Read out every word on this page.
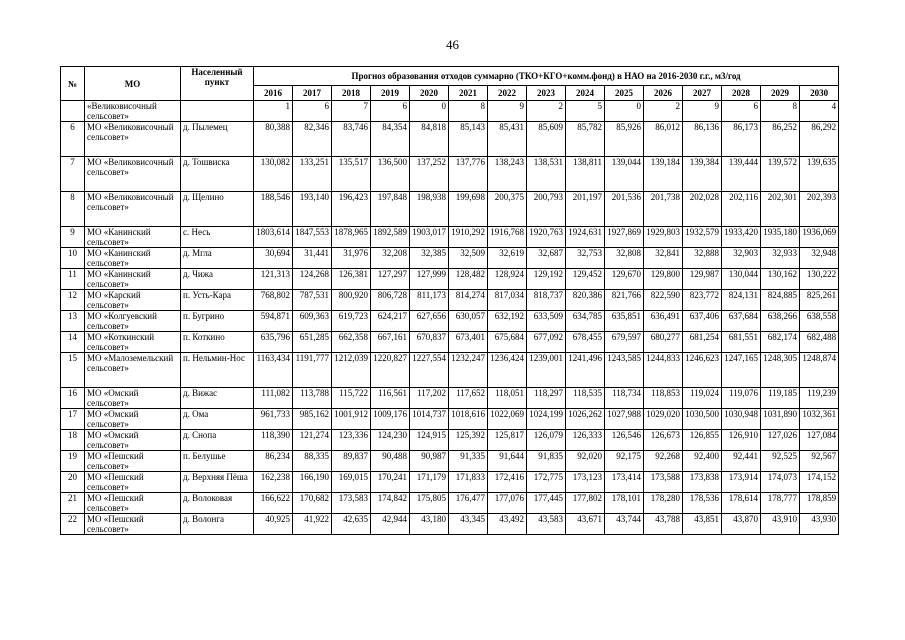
46
№	МО	Населенный пункт	Прогноз образования отходов суммарно (ТКО+КГО+комм.фонд) в НАО на 2016-2030 г.г., м3/год														
			2016	2017	2018	2019	2020	2021	2022	2023	2024	2025	2026	2027	2028	2029	2030
	«Великовисочный сельсовет»		1	6	7	6	0	8	9	2	5	0	2	9	6	8	4
6	МО «Великовисочный сельсовет»	д. Пылемец	80,388	82,346	83,746	84,354	84,818	85,143	85,431	85,609	85,782	85,926	86,012	86,136	86,173	86,252	86,292
7	МО «Великовисочный сельсовет»	д. Тошвиска	130,082	133,251	135,517	136,500	137,252	137,776	138,243	138,531	138,811	139,044	139,184	139,384	139,444	139,572	139,635
8	МО «Великовисочный сельсовет»	д. Щелино	188,546	193,140	196,423	197,848	198,938	199,698	200,375	200,793	201,197	201,536	201,738	202,028	202,116	202,301	202,393
9	МО «Канинский сельсовет»	с. Несь	1803,614	1847,553	1878,965	1892,589	1903,017	1910,292	1916,768	1920,763	1924,631	1927,869	1929,803	1932,579	1933,420	1935,180	1936,069
10	МО «Канинский сельсовет»	д. Мгла	30,694	31,441	31,976	32,208	32,385	32,509	32,619	32,687	32,753	32,808	32,841	32,888	32,903	32,933	32,948
11	МО «Канинский сельсовет»	д. Чижа	121,313	124,268	126,381	127,297	127,999	128,482	128,924	129,192	129,452	129,670	129,800	129,987	130,044	130,162	130,222
12	МО «Карский сельсовет»	п. Усть-Кара	768,802	787,531	800,920	806,728	811,173	814,274	817,034	818,737	820,386	821,766	822,590	823,772	824,131	824,885	825,261
13	МО «Колгуевский сельсовет»	п. Бугрино	594,871	609,363	619,723	624,217	627,656	630,057	632,192	633,509	634,785	635,851	636,491	637,406	637,684	638,266	638,558
14	МО «Коткинский сельсовет»	п. Коткино	635,796	651,285	662,358	667,161	670,837	673,401	675,684	677,092	678,455	679,597	680,277	681,254	681,551	682,174	682,488
15	МО «Малоземельский сельсовет»	п. Нельмин-Нос	1163,434	1191,777	1212,039	1220,827	1227,554	1232,247	1236,424	1239,001	1241,496	1243,585	1244,833	1246,623	1247,165	1248,305	1248,874
16	МО «Омский сельсовет»	д. Вижас	111,082	113,788	115,722	116,561	117,202	117,652	118,051	118,297	118,535	118,734	118,853	119,024	119,076	119,185	119,239
17	МО «Омский сельсовет»	д. Ома	961,733	985,162	1001,912	1009,176	1014,737	1018,616	1022,069	1024,199	1026,262	1027,988	1029,020	1030,500	1030,948	1031,890	1032,361
18	МО «Омский сельсовет»	д. Снопа	118,390	121,274	123,336	124,230	124,915	125,392	125,817	126,079	126,333	126,546	126,673	126,855	126,910	127,026	127,084
19	МО «Пешский сельсовет»	п. Белушье	86,234	88,335	89,837	90,488	90,987	91,335	91,644	91,835	92,020	92,175	92,268	92,400	92,441	92,525	92,567
20	МО «Пешский сельсовет»	д. Верхняя Пёша	162,238	166,190	169,015	170,241	171,179	171,833	172,416	172,775	173,123	173,414	173,588	173,838	173,914	174,073	174,152
21	МО «Пешский сельсовет»	д. Волоковая	166,622	170,682	173,583	174,842	175,805	176,477	177,076	177,445	177,802	178,101	178,280	178,536	178,614	178,777	178,859
22	МО «Пешский сельсовет»	д. Волонга	40,925	41,922	42,635	42,944	43,180	43,345	43,492	43,583	43,671	43,744	43,788	43,851	43,870	43,910	43,930
